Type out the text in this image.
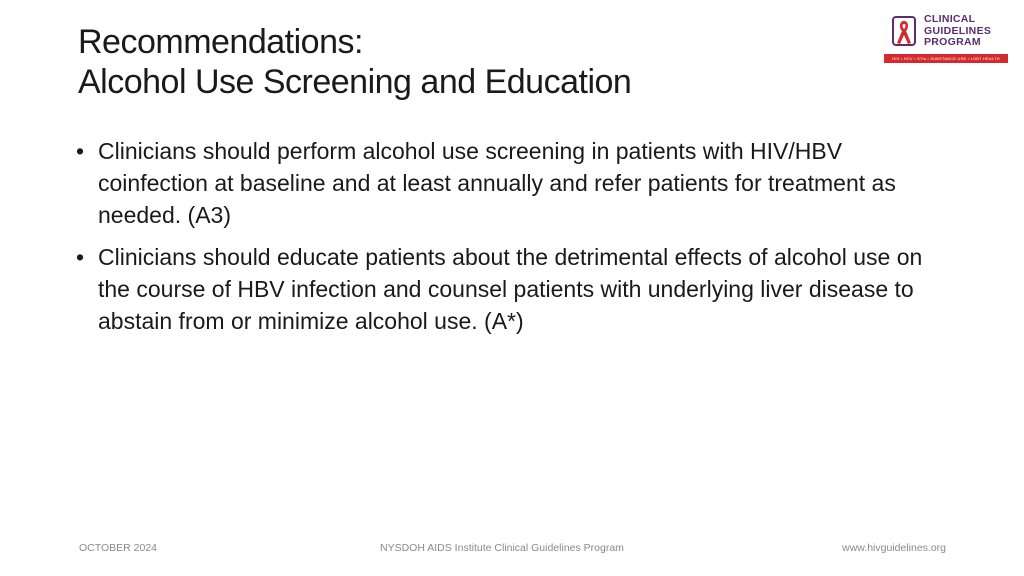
Recommendations:
Alcohol Use Screening and Education
CLINICAL
GUIDELINES
PROGRAM
HIV • HCV • STIs • SUBSTANCE USE • LGBT HEALTH
• Clinicians should perform alcohol use screening in patients with HIV/HBV coinfection at baseline and at least annually and refer patients for treatment as needed. (A3)
• Clinicians should educate patients about the detrimental effects of alcohol use on the course of HBV infection and counsel patients with underlying liver disease to abstain from or minimize alcohol use. (A*)
OCTOBER 2024	NYSDOH AIDS Institute Clinical Guidelines Program	www.hivguidelines.org
